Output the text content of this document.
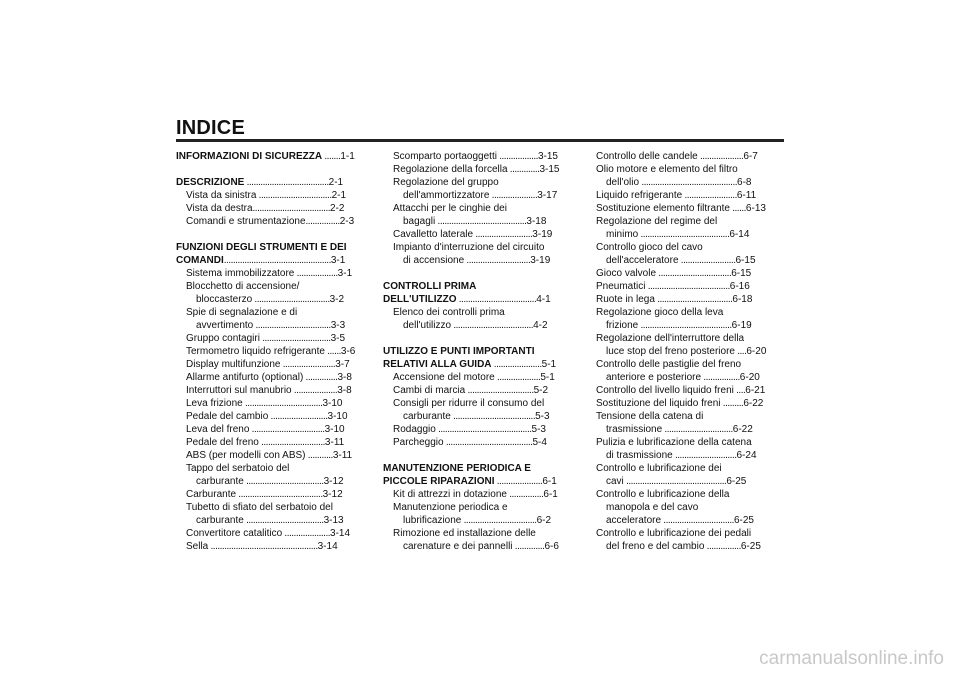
INDICE
INFORMAZIONI DI SICUREZZA .......1-1
DESCRIZIONE ....................................2-1
Vista da sinistra ................................2-1
Vista da destra..................................2-2
Comandi e strumentazione...............2-3
FUNZIONI DEGLI STRUMENTI E DEI
COMANDI...............................................3-1
Sistema immobilizzatore ..................3-1
Blocchetto di accensione/
bloccasterzo .................................3-2
Spie di segnalazione e di
avvertimento .................................3-3
Gruppo contagiri ..............................3-5
Termometro liquido refrigerante ......3-6
Display multifunzione .......................3-7
Allarme antifurto (optional) ..............3-8
Interruttori sul manubrio ...................3-8
Leva frizione ..................................3-10
Pedale del cambio .........................3-10
Leva del freno ................................3-10
Pedale del freno ............................3-11
ABS (per modelli con ABS) ...........3-11
Tappo del serbatoio del
carburante ..................................3-12
Carburante .....................................3-12
Tubetto di sfiato del serbatoio del
carburante ..................................3-13
Convertitore catalitico ....................3-14
Sella ...............................................3-14
Scomparto portaoggetti .................3-15
Regolazione della forcella .............3-15
Regolazione del gruppo
dell'ammortizzatore ....................3-17
Attacchi per le cinghie dei
bagagli .......................................3-18
Cavalletto laterale .........................3-19
Impianto d'interruzione del circuito
di accensione ............................3-19
CONTROLLI PRIMA
DELL'UTILIZZO ..................................4-1
Elenco dei controlli prima
dell'utilizzo ...................................4-2
UTILIZZO E PUNTI IMPORTANTI
RELATIVI ALLA GUIDA .....................5-1
Accensione del motore ...................5-1
Cambi di marcia .............................5-2
Consigli per ridurre il consumo del
carburante ....................................5-3
Rodaggio .........................................5-3
Parcheggio ......................................5-4
MANUTENZIONE PERIODICA E
PICCOLE RIPARAZIONI ....................6-1
Kit di attrezzi in dotazione ...............6-1
Manutenzione periodica e
lubrificazione ................................6-2
Rimozione ed installazione delle
carenature e dei pannelli .............6-6
Controllo delle candele ...................6-7
Olio motore e elemento del filtro
dell'olio ..........................................6-8
Liquido refrigerante .......................6-11
Sostituzione elemento filtrante ......6-13
Regolazione del regime del
minimo .......................................6-14
Controllo gioco del cavo
dell'acceleratore ........................6-15
Gioco valvole ................................6-15
Pneumatici ....................................6-16
Ruote in lega .................................6-18
Regolazione gioco della leva
frizione ........................................6-19
Regolazione dell'interruttore della
luce stop del freno posteriore ....6-20
Controllo delle pastiglie del freno
anteriore e posteriore ................6-20
Controllo del livello liquido freni ....6-21
Sostituzione del liquido freni .........6-22
Tensione della catena di
trasmissione ..............................6-22
Pulizia e lubrificazione della catena
di trasmissione ...........................6-24
Controllo e lubrificazione dei
cavi ............................................6-25
Controllo e lubrificazione della
manopola e del cavo
acceleratore ...............................6-25
Controllo e lubrificazione dei pedali
del freno e del cambio ...............6-25
carmanualsonline.info
